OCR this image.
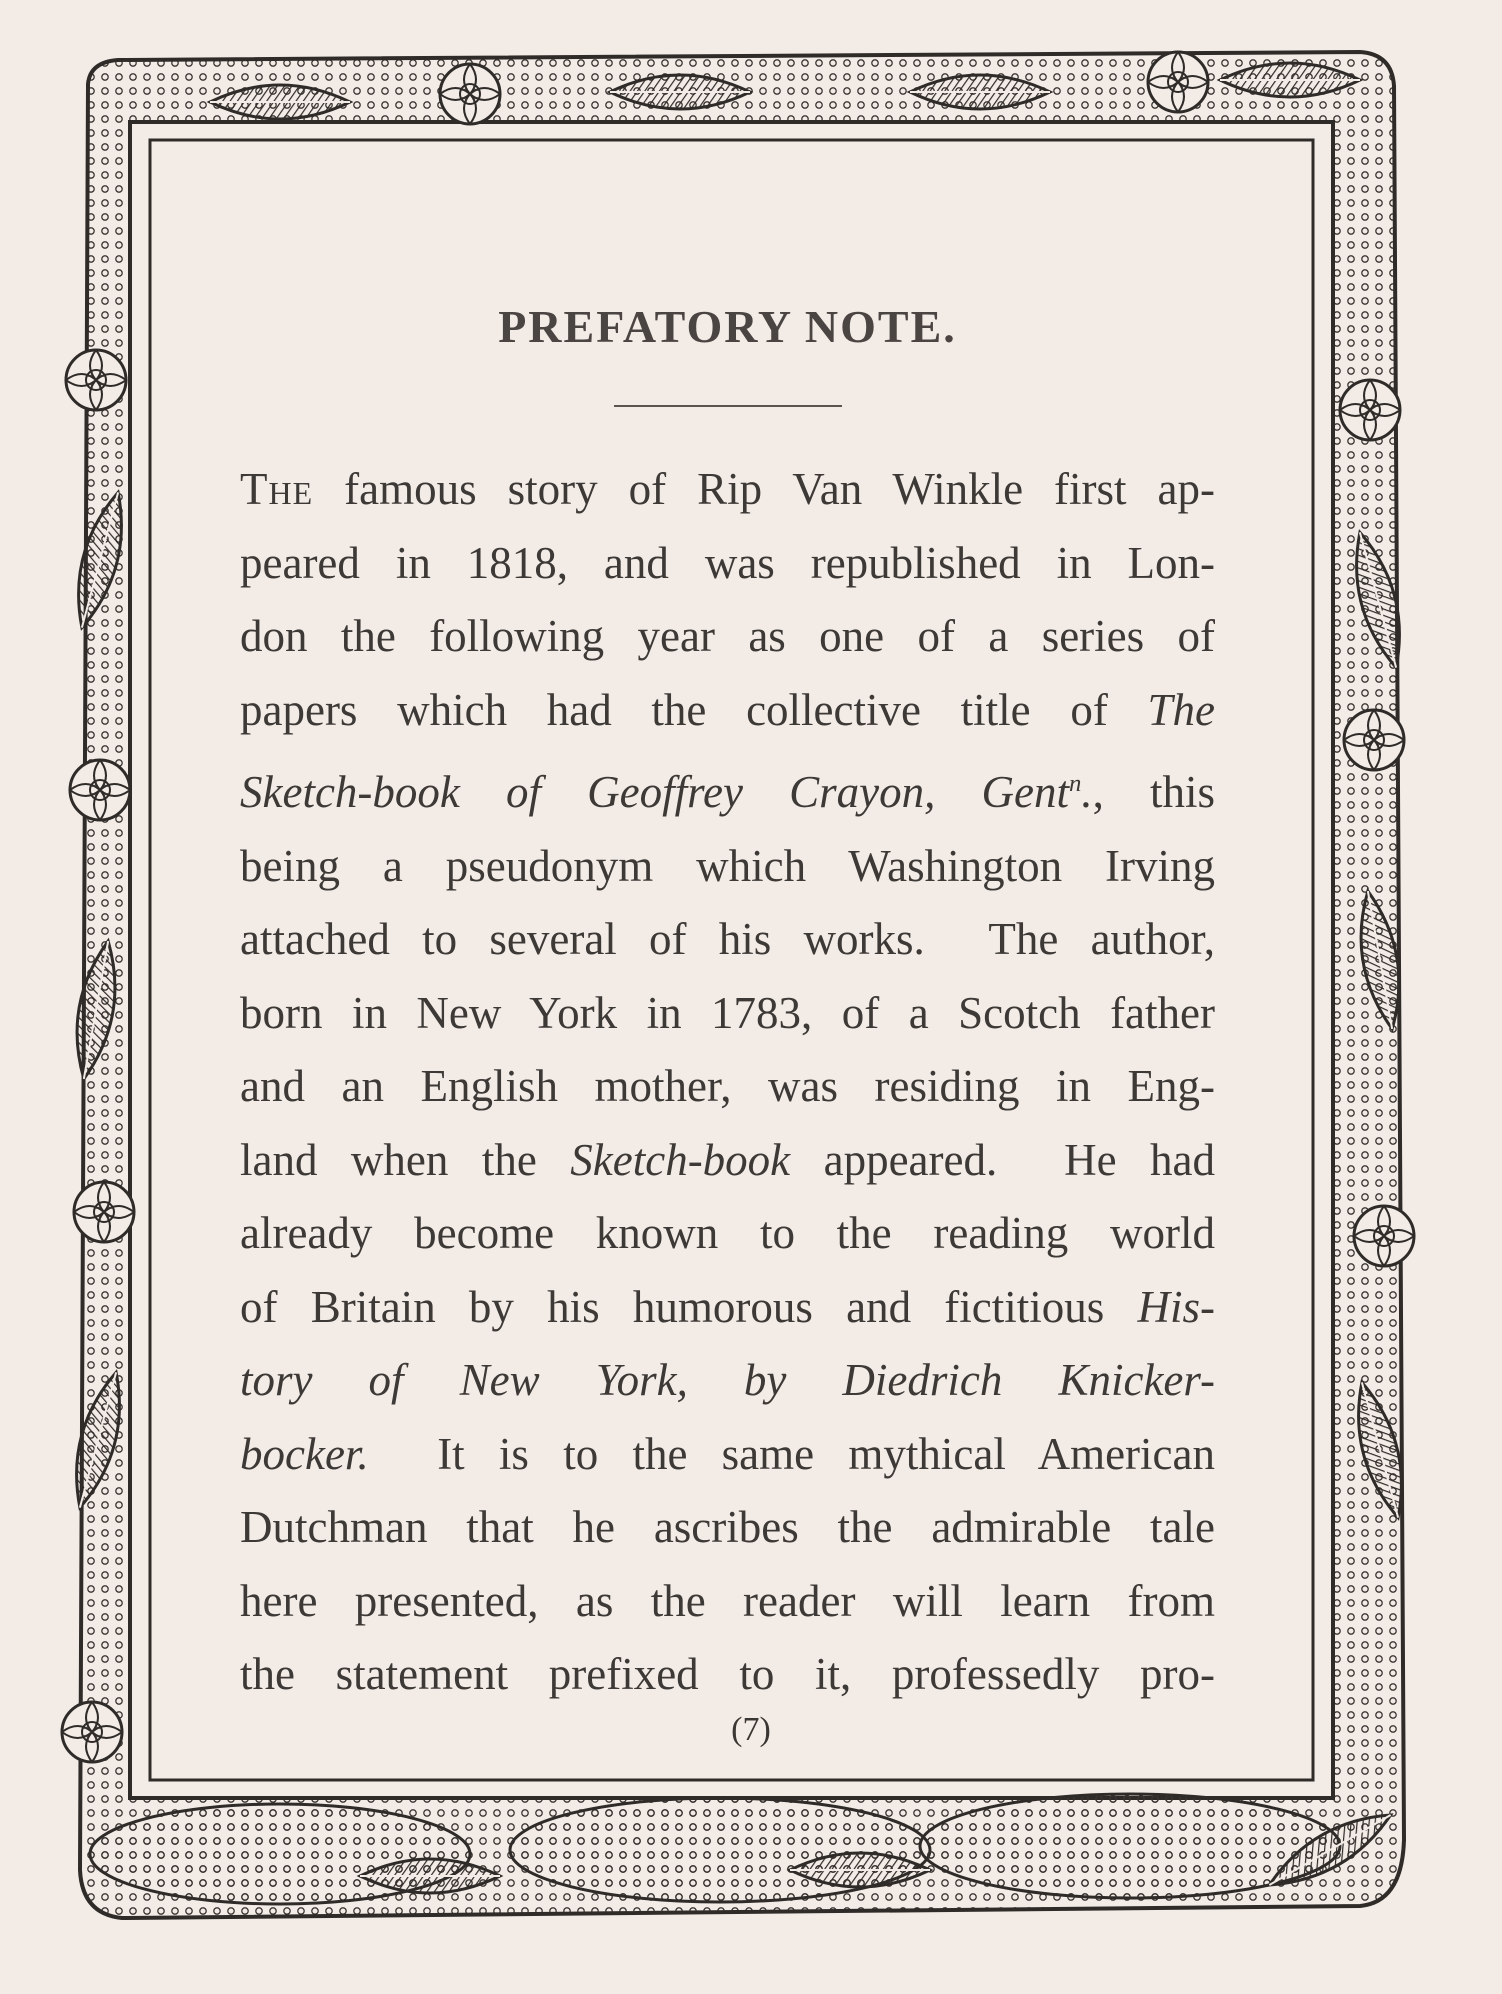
PREFATORY NOTE.
The famous story of Rip Van Winkle first ap-
peared in 1818, and was republished in Lon-
don the following year as one of a series of
papers which had the collective title of The
Sketch-book of Geoffrey Crayon, Gent$^n$., this
being a pseudonym which Washington Irving
attached to several of his works.  The author,
born in New York in 1783, of a Scotch father
and an English mother, was residing in Eng-
land when the Sketch-book appeared.  He had
already become known to the reading world
of Britain by his humorous and fictitious His-
tory of New York, by Diedrich Knicker-
bocker.  It is to the same mythical American
Dutchman that he ascribes the admirable tale
here presented, as the reader will learn from
the statement prefixed to it, professedly pro-
(7)
